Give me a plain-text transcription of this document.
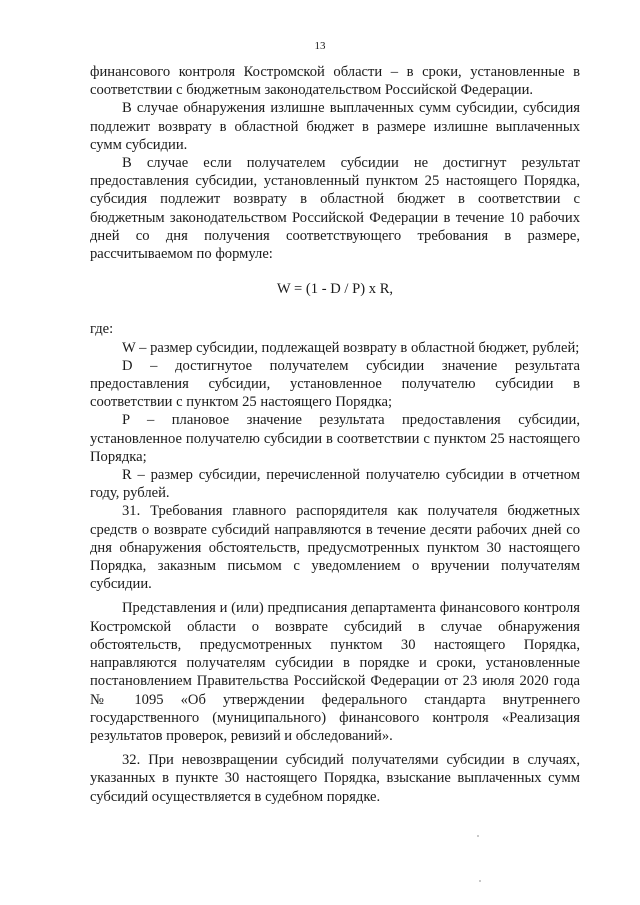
13

финансового контроля Костромской области – в сроки, установленные в соответствии с бюджетным законодательством Российской Федерации.

В случае обнаружения излишне выплаченных сумм субсидии, субсидия подлежит возврату в областной бюджет в размере излишне выплаченных сумм субсидии.

В случае если получателем субсидии не достигнут результат предоставления субсидии, установленный пунктом 25 настоящего Порядка, субсидия подлежит возврату в областной бюджет в соответствии с бюджетным законодательством Российской Федерации в течение 10 рабочих дней со дня получения соответствующего требования в размере, рассчитываемом по формуле:

W = (1 - D / P) x R,

где:

W – размер субсидии, подлежащей возврату в областной бюджет, рублей;

D – достигнутое получателем субсидии значение результата предоставления субсидии, установленное получателю субсидии в соответствии с пунктом 25 настоящего Порядка;

P – плановое значение результата предоставления субсидии, установленное получателю субсидии в соответствии с пунктом 25 настоящего Порядка;

R – размер субсидии, перечисленной получателю субсидии в отчетном году, рублей.

31. Требования главного распорядителя как получателя бюджетных средств о возврате субсидий направляются в течение десяти рабочих дней со дня обнаружения обстоятельств, предусмотренных пунктом 30 настоящего Порядка, заказным письмом с уведомлением о вручении получателям субсидии.

Представления и (или) предписания департамента финансового контроля Костромской области о возврате субсидий в случае обнаружения обстоятельств, предусмотренных пунктом 30 настоящего Порядка, направляются получателям субсидии в порядке и сроки, установленные постановлением Правительства Российской Федерации от 23 июля 2020 года № 1095 «Об утверждении федерального стандарта внутреннего государственного (муниципального) финансового контроля «Реализация результатов проверок, ревизий и обследований».

32. При невозвращении субсидий получателями субсидии в случаях, указанных в пункте 30 настоящего Порядка, взыскание выплаченных сумм субсидий осуществляется в судебном порядке.
